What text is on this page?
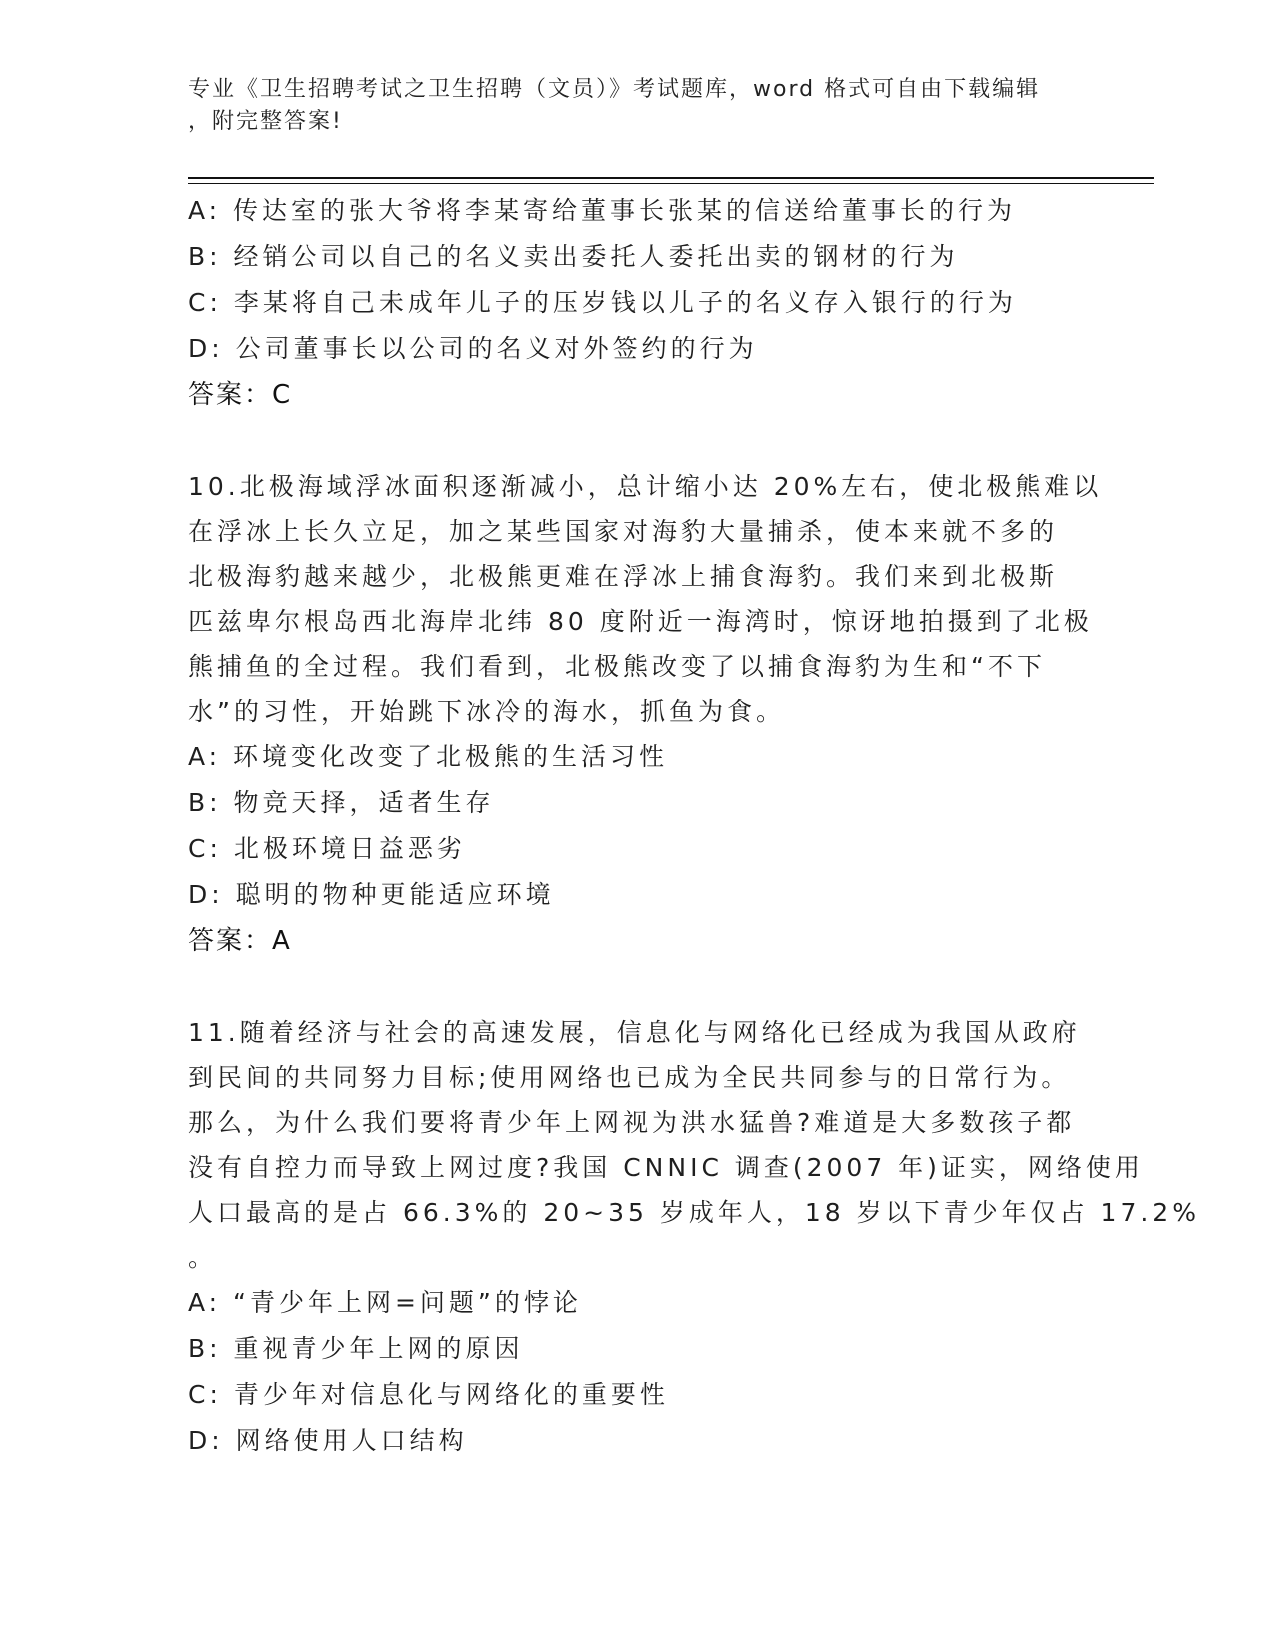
专业《卫生招聘考试之卫生招聘（文员）》考试题库，word 格式可自由下载编辑
，附完整答案!
A: 传达室的张大爷将李某寄给董事长张某的信送给董事长的行为
B: 经销公司以自己的名义卖出委托人委托出卖的钢材的行为
C: 李某将自己未成年儿子的压岁钱以儿子的名义存入银行的行为
D: 公司董事长以公司的名义对外签约的行为
答案：C
10.北极海域浮冰面积逐渐减小，总计缩小达 20%左右，使北极熊难以
在浮冰上长久立足，加之某些国家对海豹大量捕杀，使本来就不多的
北极海豹越来越少，北极熊更难在浮冰上捕食海豹。我们来到北极斯
匹兹卑尔根岛西北海岸北纬 80 度附近一海湾时，惊讶地拍摄到了北极
熊捕鱼的全过程。我们看到，北极熊改变了以捕食海豹为生和“不下
水”的习性，开始跳下冰冷的海水，抓鱼为食。
A: 环境变化改变了北极熊的生活习性
B: 物竞天择，适者生存
C: 北极环境日益恶劣
D: 聪明的物种更能适应环境
答案：A
11.随着经济与社会的高速发展，信息化与网络化已经成为我国从政府
到民间的共同努力目标;使用网络也已成为全民共同参与的日常行为。
那么，为什么我们要将青少年上网视为洪水猛兽?难道是大多数孩子都
没有自控力而导致上网过度?我国 CNNIC 调查(2007 年)证实，网络使用
人口最高的是占 66.3%的 20~35 岁成年人，18 岁以下青少年仅占 17.2%
。
A: “青少年上网=问题”的悖论
B: 重视青少年上网的原因
C: 青少年对信息化与网络化的重要性
D: 网络使用人口结构
